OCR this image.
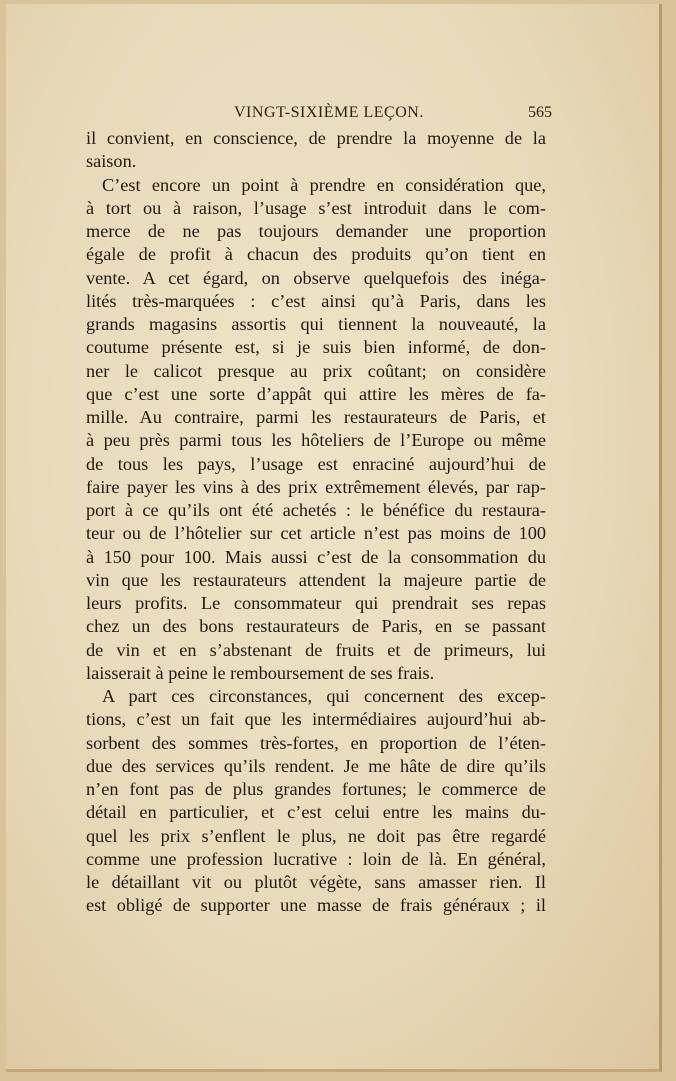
VINGT-SIXIÈME LEÇON.	565
il convient, en conscience, de prendre la moyenne de la
saison.
C’est encore un point à prendre en considération que,
à tort ou à raison, l’usage s’est introduit dans le com-
merce de ne pas toujours demander une proportion
égale de profit à chacun des produits qu’on tient en
vente. A cet égard, on observe quelquefois des inéga-
lités très-marquées : c’est ainsi qu’à Paris, dans les
grands magasins assortis qui tiennent la nouveauté, la
coutume présente est, si je suis bien informé, de don-
ner le calicot presque au prix coûtant; on considère
que c’est une sorte d’appât qui attire les mères de fa-
mille. Au contraire, parmi les restaurateurs de Paris, et
à peu près parmi tous les hôteliers de l’Europe ou même
de tous les pays, l’usage est enraciné aujourd’hui de
faire payer les vins à des prix extrêmement élevés, par rap-
port à ce qu’ils ont été achetés : le bénéfice du restaura-
teur ou de l’hôtelier sur cet article n’est pas moins de 100
à 150 pour 100. Mais aussi c’est de la consommation du
vin que les restaurateurs attendent la majeure partie de
leurs profits. Le consommateur qui prendrait ses repas
chez un des bons restaurateurs de Paris, en se passant
de vin et en s’abstenant de fruits et de primeurs, lui
laisserait à peine le remboursement de ses frais.
A part ces circonstances, qui concernent des excep-
tions, c’est un fait que les intermédiaires aujourd’hui ab-
sorbent des sommes très-fortes, en proportion de l’éten-
due des services qu’ils rendent. Je me hâte de dire qu’ils
n’en font pas de plus grandes fortunes; le commerce de
détail en particulier, et c’est celui entre les mains du-
quel les prix s’enflent le plus, ne doit pas être regardé
comme une profession lucrative : loin de là. En général,
le détaillant vit ou plutôt végète, sans amasser rien. Il
est obligé de supporter une masse de frais généraux ; il
